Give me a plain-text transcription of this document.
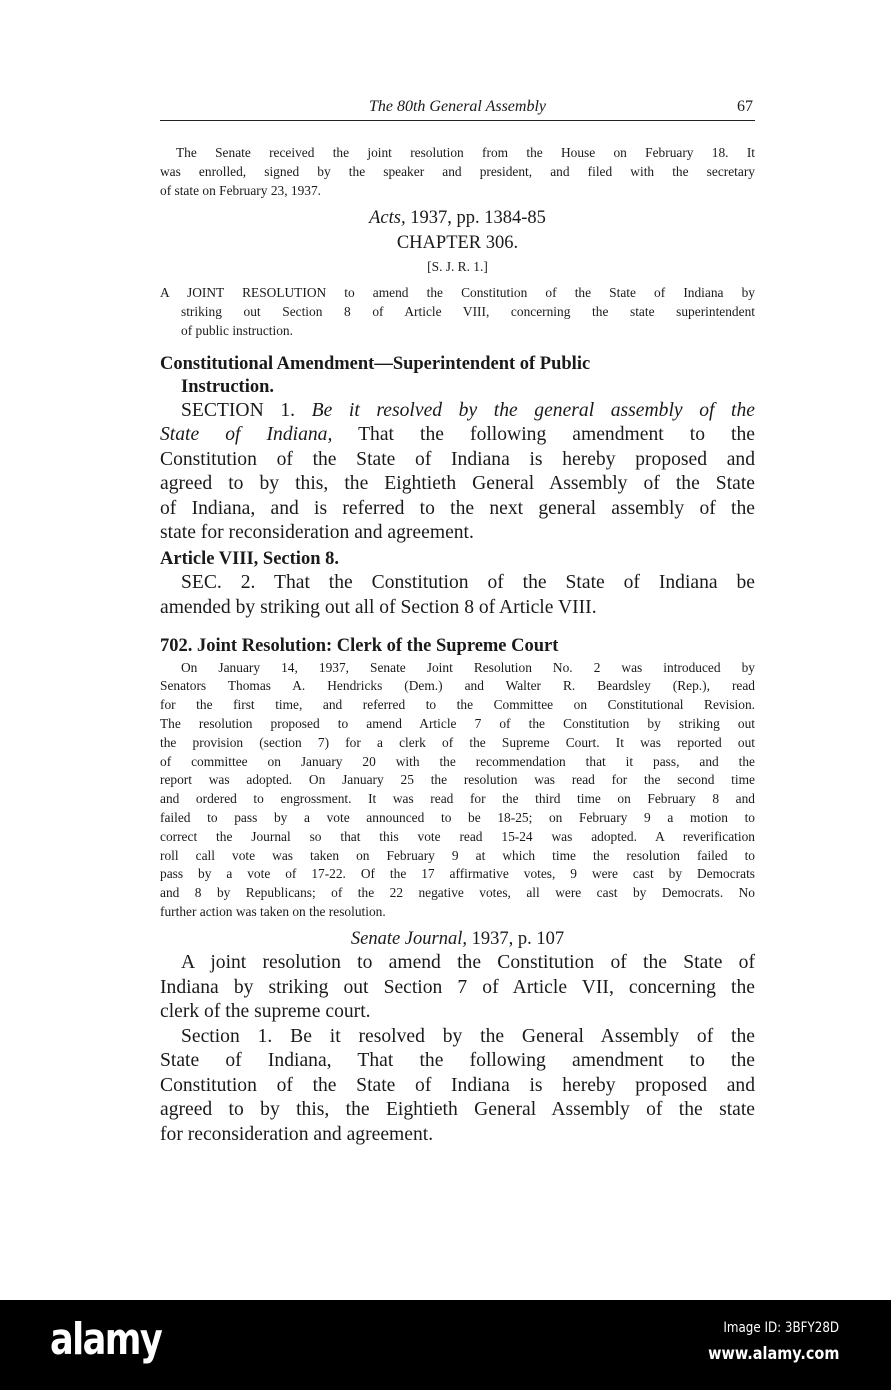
The 80th General Assembly	67
The Senate received the joint resolution from the House on February 18. It
was enrolled, signed by the speaker and president, and filed with the secretary
of state on February 23, 1937.
Acts, 1937, pp. 1384-85
CHAPTER 306.
[S. J. R. 1.]
A JOINT RESOLUTION to amend the Constitution of the State of Indiana by
striking out Section 8 of Article VIII, concerning the state superintendent
of public instruction.
Constitutional Amendment—Superintendent of Public
Instruction.
SECTION 1. Be it resolved by the general assembly of the
State of Indiana, That the following amendment to the
Constitution of the State of Indiana is hereby proposed and
agreed to by this, the Eightieth General Assembly of the State
of Indiana, and is referred to the next general assembly of the
state for reconsideration and agreement.
Article VIII, Section 8.
SEC. 2. That the Constitution of the State of Indiana be
amended by striking out all of Section 8 of Article VIII.
702. Joint Resolution: Clerk of the Supreme Court
On January 14, 1937, Senate Joint Resolution No. 2 was introduced by
Senators Thomas A. Hendricks (Dem.) and Walter R. Beardsley (Rep.), read
for the first time, and referred to the Committee on Constitutional Revision.
The resolution proposed to amend Article 7 of the Constitution by striking out
the provision (section 7) for a clerk of the Supreme Court. It was reported out
of committee on January 20 with the recommendation that it pass, and the
report was adopted. On January 25 the resolution was read for the second time
and ordered to engrossment. It was read for the third time on February 8 and
failed to pass by a vote announced to be 18-25; on February 9 a motion to
correct the Journal so that this vote read 15-24 was adopted. A reverification
roll call vote was taken on February 9 at which time the resolution failed to
pass by a vote of 17-22. Of the 17 affirmative votes, 9 were cast by Democrats
and 8 by Republicans; of the 22 negative votes, all were cast by Democrats. No
further action was taken on the resolution.
Senate Journal, 1937, p. 107
A joint resolution to amend the Constitution of the State of
Indiana by striking out Section 7 of Article VII, concerning the
clerk of the supreme court.
Section 1. Be it resolved by the General Assembly of the
State of Indiana, That the following amendment to the
Constitution of the State of Indiana is hereby proposed and
agreed to by this, the Eightieth General Assembly of the state
for reconsideration and agreement.
alamy	Image ID: 3BFY28D
www.alamy.com
